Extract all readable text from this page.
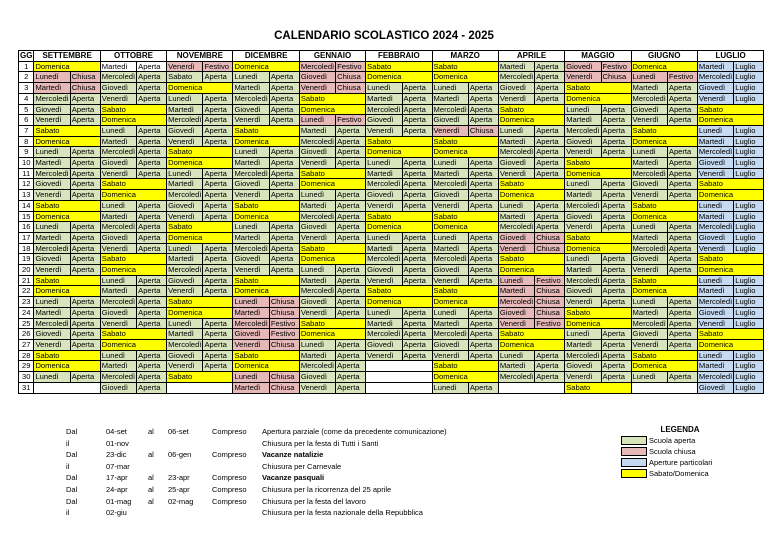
CALENDARIO SCOLASTICO 2024 - 2025
GG	SETTEMBRE		OTTOBRE		NOVEMBRE		DICEMBRE		GENNAIO		FEBBRAIO		MARZO		APRILE		MAGGIO		GIUGNO		LUGLIO	
1	Domenica		Martedì	Aperta	Venerdì	Festivo	Domenica		Mercoledì	Festivo	Sabato		Sabato		Martedì	Aperta	Giovedì	Festivo	Domenica		Martedì	Luglio
2	Lunedì	Chiusa	Mercoledì	Aperta	Sabato	Aperta	Lunedì	Aperta	Giovedì	Chiusa	Domenica		Domenica		Mercoledì	Aperta	Venerdì	Chiusa	Lunedì	Festivo	Mercoledì	Luglio
3	Martedì	Chiusa	Giovedì	Aperta	Domenica		Martedì	Aperta	Venerdì	Chiusa	Lunedì	Aperta	Lunedì	Aperta	Giovedì	Aperta	Sabato		Martedì	Aperta	Giovedì	Luglio
4	Mercoledì	Aperta	Venerdì	Aperta	Lunedì	Aperta	Mercoledì	Aperta	Sabato		Martedì	Aperta	Martedì	Aperta	Venerdì	Aperta	Domenica		Mercoledì	Aperta	Venerdì	Luglio
5	Giovedì	Aperta	Sabato		Martedì	Aperta	Giovedì	Aperta	Domenica		Mercoledì	Aperta	Mercoledì	Aperta	Sabato		Lunedì	Aperta	Giovedì	Aperta	Sabato	
6	Venerdì	Aperta	Domenica		Mercoledì	Aperta	Venerdì	Aperta	Lunedì	Festivo	Giovedì	Aperta	Giovedì	Aperta	Domenica		Martedì	Aperta	Venerdì	Aperta	Domenica	
7	Sabato		Lunedì	Aperta	Giovedì	Aperta	Sabato		Martedì	Aperta	Venerdì	Aperta	Venerdì	Chiusa	Lunedì	Aperta	Mercoledì	Aperta	Sabato		Lunedì	Luglio
8	Domenica		Martedì	Aperta	Venerdì	Aperta	Domenica		Mercoledì	Aperta	Sabato		Sabato		Martedì	Aperta	Giovedì	Aperta	Domenica		Martedì	Luglio
9	Lunedì	Aperta	Mercoledì	Aperta	Sabato		Lunedì	Aperta	Giovedì	Aperta	Domenica		Domenica		Mercoledì	Aperta	Venerdì	Aperta	Lunedì	Aperta	Mercoledì	Luglio
10	Martedì	Aperta	Giovedì	Aperta	Domenica		Martedì	Aperta	Venerdì	Aperta	Lunedì	Aperta	Lunedì	Aperta	Giovedì	Aperta	Sabato		Martedì	Aperta	Giovedì	Luglio
11	Mercoledì	Aperta	Venerdì	Aperta	Lunedì	Aperta	Mercoledì	Aperta	Sabato		Martedì	Aperta	Martedì	Aperta	Venerdì	Aperta	Domenica		Mercoledì	Aperta	Venerdì	Luglio
12	Giovedì	Aperta	Sabato		Martedì	Aperta	Giovedì	Aperta	Domenica		Mercoledì	Aperta	Mercoledì	Aperta	Sabato		Lunedì	Aperta	Giovedì	Aperta	Sabato	
13	Venerdì	Aperta	Domenica		Mercoledì	Aperta	Venerdì	Aperta	Lunedì	Aperta	Giovedì	Aperta	Giovedì	Aperta	Domenica		Martedì	Aperta	Venerdì	Aperta	Domenica	
14	Sabato		Lunedì	Aperta	Giovedì	Aperta	Sabato		Martedì	Aperta	Venerdì	Aperta	Venerdì	Aperta	Lunedì	Aperta	Mercoledì	Aperta	Sabato		Lunedì	Luglio
15	Domenica		Martedì	Aperta	Venerdì	Aperta	Domenica		Mercoledì	Aperta	Sabato		Sabato		Martedì	Aperta	Giovedì	Aperta	Domenica		Martedì	Luglio
16	Lunedì	Aperta	Mercoledì	Aperta	Sabato		Lunedì	Aperta	Giovedì	Aperta	Domenica		Domenica		Mercoledì	Aperta	Venerdì	Aperta	Lunedì	Aperta	Mercoledì	Luglio
17	Martedì	Aperta	Giovedì	Aperta	Domenica		Martedì	Aperta	Venerdì	Aperta	Lunedì	Aperta	Lunedì	Aperta	Giovedì	Chiusa	Sabato		Martedì	Aperta	Giovedì	Luglio
18	Mercoledì	Aperta	Venerdì	Aperta	Lunedì	Aperta	Mercoledì	Aperta	Sabato		Martedì	Aperta	Martedì	Aperta	Venerdì	Chiusa	Domenica		Mercoledì	Aperta	Venerdì	Luglio
19	Giovedì	Aperta	Sabato		Martedì	Aperta	Giovedì	Aperta	Domenica		Mercoledì	Aperta	Mercoledì	Aperta	Sabato		Lunedì	Aperta	Giovedì	Aperta	Sabato	
20	Venerdì	Aperta	Domenica		Mercoledì	Aperta	Venerdì	Aperta	Lunedì	Aperta	Giovedì	Aperta	Giovedì	Aperta	Domenica		Martedì	Aperta	Venerdì	Aperta	Domenica	
21	Sabato		Lunedì	Aperta	Giovedì	Aperta	Sabato		Martedì	Aperta	Venerdì	Aperta	Venerdì	Aperta	Lunedì	Festivo	Mercoledì	Aperta	Sabato		Lunedì	Luglio
22	Domenica		Martedì	Aperta	Venerdì	Aperta	Domenica		Mercoledì	Aperta	Sabato		Sabato		Martedì	Chiusa	Giovedì	Aperta	Domenica		Martedì	Luglio
23	Lunedì	Aperta	Mercoledì	Aperta	Sabato		Lunedì	Chiusa	Giovedì	Aperta	Domenica		Domenica		Mercoledì	Chiusa	Venerdì	Aperta	Lunedì	Aperta	Mercoledì	Luglio
24	Martedì	Aperta	Giovedì	Aperta	Domenica		Martedì	Chiusa	Venerdì	Aperta	Lunedì	Aperta	Lunedì	Aperta	Giovedì	Chiusa	Sabato		Martedì	Aperta	Giovedì	Luglio
25	Mercoledì	Aperta	Venerdì	Aperta	Lunedì	Aperta	Mercoledì	Festivo	Sabato		Martedì	Aperta	Martedì	Aperta	Venerdì	Festivo	Domenica		Mercoledì	Aperta	Venerdì	Luglio
26	Giovedì	Aperta	Sabato		Martedì	Aperta	Giovedì	Festivo	Domenica		Mercoledì	Aperta	Mercoledì	Aperta	Sabato		Lunedì	Aperta	Giovedì	Aperta	Sabato	
27	Venerdì	Aperta	Domenica		Mercoledì	Aperta	Venerdì	Chiusa	Lunedì	Aperta	Giovedì	Aperta	Giovedì	Aperta	Domenica		Martedì	Aperta	Venerdì	Aperta	Domenica	
28	Sabato		Lunedì	Aperta	Giovedì	Aperta	Sabato		Martedì	Aperta	Venerdì	Aperta	Venerdì	Aperta	Lunedì	Aperta	Mercoledì	Aperta	Sabato		Lunedì	Luglio
29	Domenica		Martedì	Aperta	Venerdì	Aperta	Domenica		Mercoledì	Aperta			Sabato		Martedì	Aperta	Giovedì	Aperta	Domenica		Martedì	Luglio
30	Lunedì	Aperta	Mercoledì	Aperta	Sabato		Lunedì	Chiusa	Giovedì	Aperta			Domenica		Mercoledì	Aperta	Venerdì	Aperta	Lunedì	Aperta	Mercoledì	Luglio
31			Giovedì	Aperta			Martedì	Chiusa	Venerdì	Aperta			Lunedì	Aperta			Sabato				Giovedì	Luglio
Dal	04-set	al 06-set	Compreso Apertura parziale (come da precedente comunicazione)
il	01-nov	Chiusura per la festa di Tutti i Santi
Dal	23-dic	al 06-gen	Compreso Vacanze natalizie
il	07-mar	Chiusura per Carnevale
Dal	17-apr	al 23-apr	Compreso Vacanze pasquali
Dal	24-apr	al 25-apr	Compreso Chiusura per la ricorrenza del 25 aprile
Dal	01-mag al 02-mag Compreso Chiusura per la festa del lavoro
il	02-giu	Chiusura per la festa nazionale della Repubblica
LEGENDA
Scuola aperta
Scuola chiusa
Aperture particolari
Sabato/Domenica
